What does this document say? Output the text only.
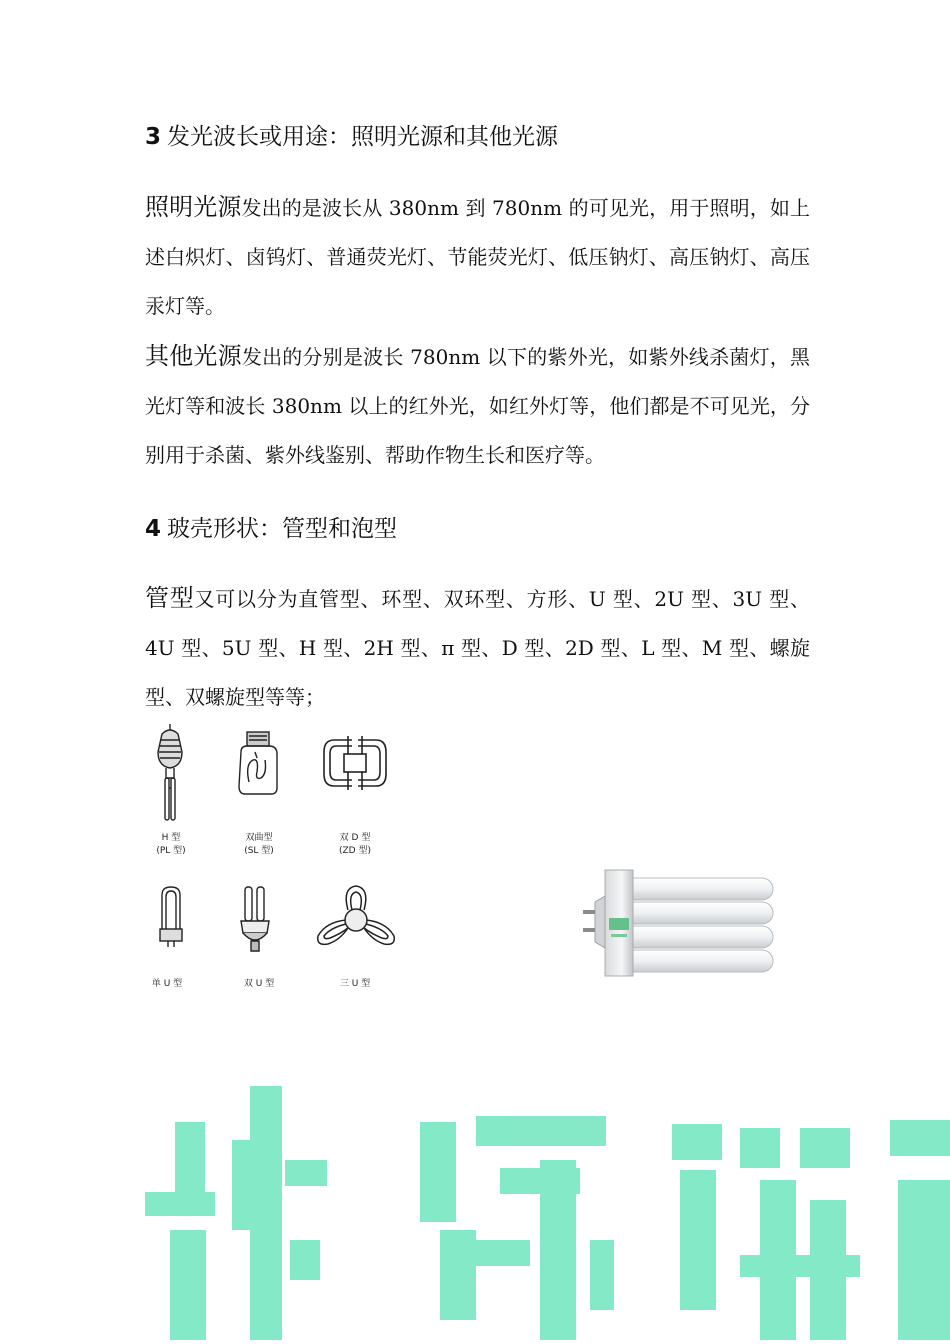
3 发光波长或用途：照明光源和其他光源

照明光源发出的是波长从 380nm 到 780nm 的可见光，用于照明，如上述白炽灯、卤钨灯、普通荧光灯、节能荧光灯、低压钠灯、高压钠灯、高压汞灯等。

其他光源发出的分别是波长 780nm 以下的紫外光，如紫外线杀菌灯，黑光灯等和波长 380nm 以上的红外光，如红外灯等，他们都是不可见光，分别用于杀菌、紫外线鉴别、帮助作物生长和医疗等。

4 玻壳形状：管型和泡型

管型又可以分为直管型、环型、双环型、方形、U 型、2U 型、3U 型、4U 型、5U 型、H 型、2H 型、π 型、D 型、2D 型、L 型、M 型、螺旋型、双螺旋型等等；

H 型
(PL 型)
双曲型
(SL 型)
双 D 型
(ZD 型)
单 U 型	双 U 型	三 U 型
